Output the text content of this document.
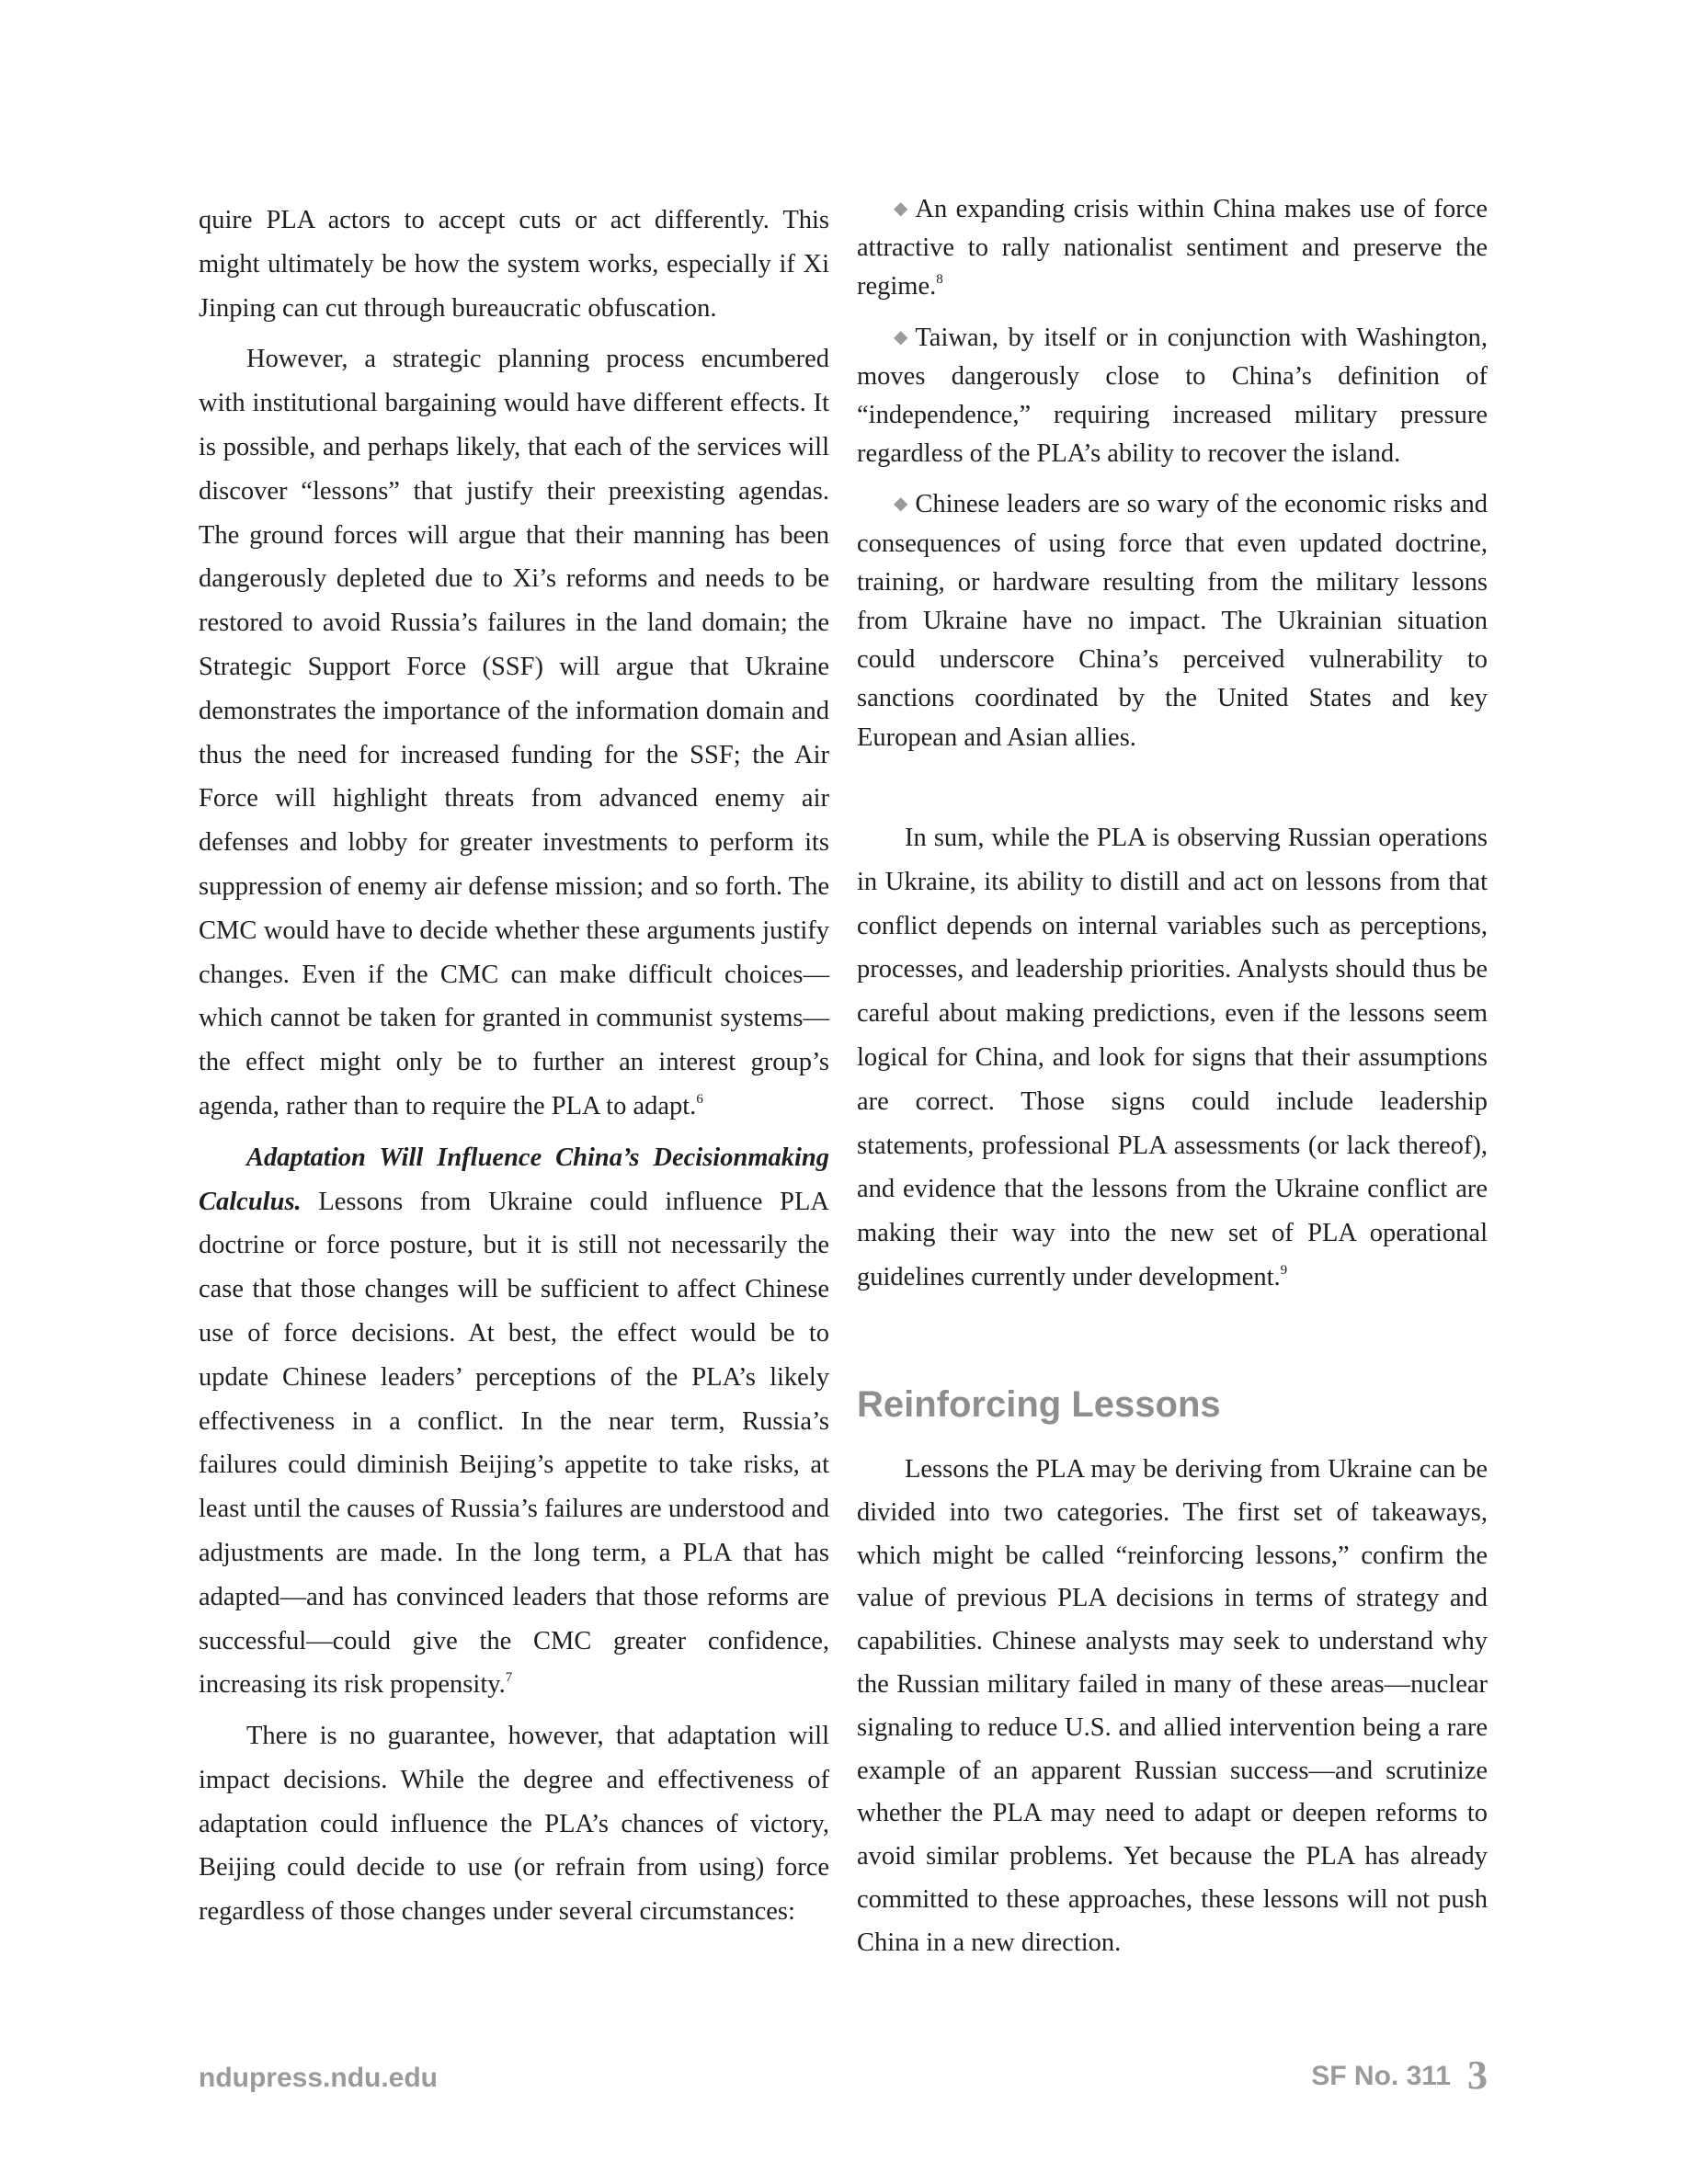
quire PLA actors to accept cuts or act differently. This might ultimately be how the system works, especially if Xi Jinping can cut through bureaucratic obfuscation.

However, a strategic planning process encumbered with institutional bargaining would have different effects. It is possible, and perhaps likely, that each of the services will discover “lessons” that justify their preexisting agendas. The ground forces will argue that their manning has been dangerously depleted due to Xi’s reforms and needs to be restored to avoid Russia’s failures in the land domain; the Strategic Support Force (SSF) will argue that Ukraine demonstrates the importance of the information domain and thus the need for increased funding for the SSF; the Air Force will highlight threats from advanced enemy air defenses and lobby for greater investments to perform its suppression of enemy air defense mission; and so forth. The CMC would have to decide whether these arguments justify changes. Even if the CMC can make difficult choices—which cannot be taken for granted in communist systems—the effect might only be to further an interest group’s agenda, rather than to require the PLA to adapt.$^6$

Adaptation Will Influence China’s Decisionmaking Calculus. Lessons from Ukraine could influence PLA doctrine or force posture, but it is still not necessarily the case that those changes will be sufficient to affect Chinese use of force decisions. At best, the effect would be to update Chinese leaders’ perceptions of the PLA’s likely effectiveness in a conflict. In the near term, Russia’s failures could diminish Beijing’s appetite to take risks, at least until the causes of Russia’s failures are understood and adjustments are made. In the long term, a PLA that has adapted—and has convinced leaders that those reforms are successful—could give the CMC greater confidence, increasing its risk propensity.$^7$

There is no guarantee, however, that adaptation will impact decisions. While the degree and effectiveness of adaptation could influence the PLA’s chances of victory, Beijing could decide to use (or refrain from using) force regardless of those changes under several circumstances:

◆ An expanding crisis within China makes use of force attractive to rally nationalist sentiment and preserve the regime.$^8$

◆ Taiwan, by itself or in conjunction with Washington, moves dangerously close to China’s definition of “independence,” requiring increased military pressure regardless of the PLA’s ability to recover the island.

◆ Chinese leaders are so wary of the economic risks and consequences of using force that even updated doctrine, training, or hardware resulting from the military lessons from Ukraine have no impact. The Ukrainian situation could underscore China’s perceived vulnerability to sanctions coordinated by the United States and key European and Asian allies.

In sum, while the PLA is observing Russian operations in Ukraine, its ability to distill and act on lessons from that conflict depends on internal variables such as perceptions, processes, and leadership priorities. Analysts should thus be careful about making predictions, even if the lessons seem logical for China, and look for signs that their assumptions are correct. Those signs could include leadership statements, professional PLA assessments (or lack thereof), and evidence that the lessons from the Ukraine conflict are making their way into the new set of PLA operational guidelines currently under development.$^9$

Reinforcing Lessons

Lessons the PLA may be deriving from Ukraine can be divided into two categories. The first set of takeaways, which might be called “reinforcing lessons,” confirm the value of previous PLA decisions in terms of strategy and capabilities. Chinese analysts may seek to understand why the Russian military failed in many of these areas—nuclear signaling to reduce U.S. and allied intervention being a rare example of an apparent Russian success—and scrutinize whether the PLA may need to adapt or deepen reforms to avoid similar problems. Yet because the PLA has already committed to these approaches, these lessons will not push China in a new direction.

ndupress.ndu.edu	SF No. 311 3
